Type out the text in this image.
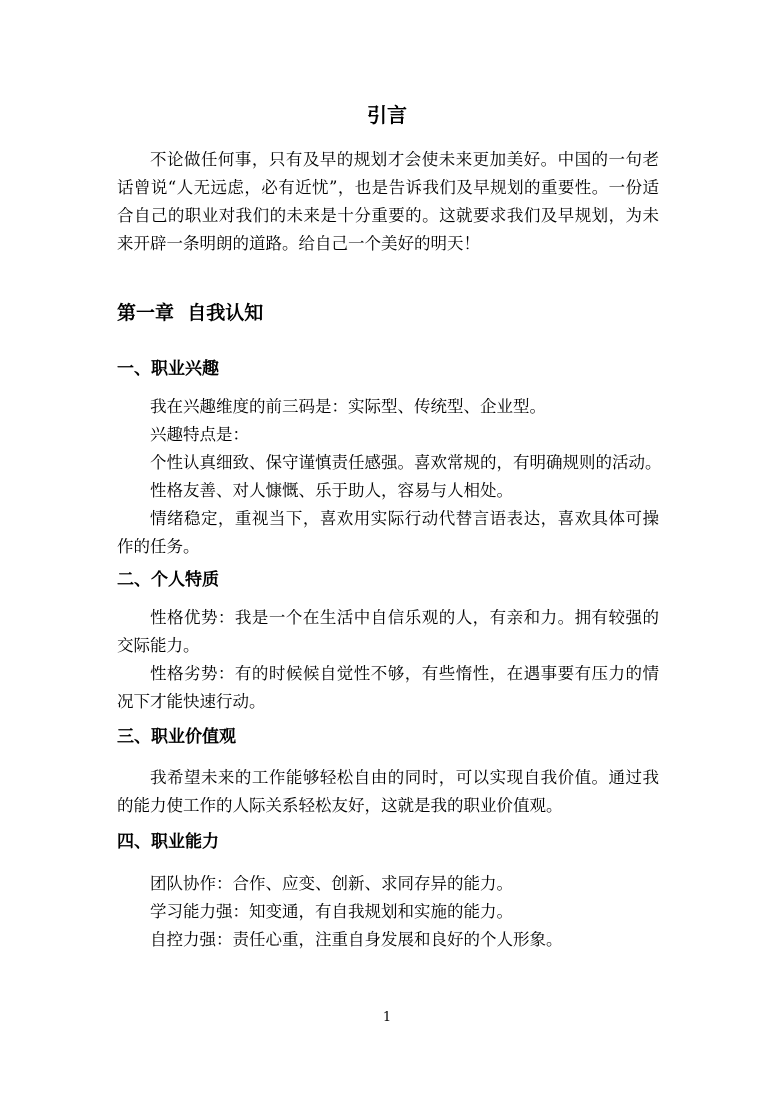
引言

不论做任何事，只有及早的规划才会使未来更加美好。中国的一句老话曾说“人无远虑，必有近忧”，也是告诉我们及早规划的重要性。一份适合自己的职业对我们的未来是十分重要的。这就要求我们及早规划，为未来开辟一条明朗的道路。给自己一个美好的明天！

第一章  自我认知
一、职业兴趣

我在兴趣维度的前三码是：实际型、传统型、企业型。

兴趣特点是：

个性认真细致、保守谨慎责任感强。喜欢常规的，有明确规则的活动。

性格友善、对人慷慨、乐于助人，容易与人相处。

情绪稳定，重视当下，喜欢用实际行动代替言语表达，喜欢具体可操作的任务。

二、个人特质

性格优势：我是一个在生活中自信乐观的人，有亲和力。拥有较强的交际能力。

性格劣势：有的时候候自觉性不够，有些惰性，在遇事要有压力的情况下才能快速行动。

三、职业价值观

我希望未来的工作能够轻松自由的同时，可以实现自我价值。通过我的能力使工作的人际关系轻松友好，这就是我的职业价值观。

四、职业能力

团队协作：合作、应变、创新、求同存异的能力。

学习能力强：知变通，有自我规划和实施的能力。

自控力强：责任心重，注重自身发展和良好的个人形象。

1
